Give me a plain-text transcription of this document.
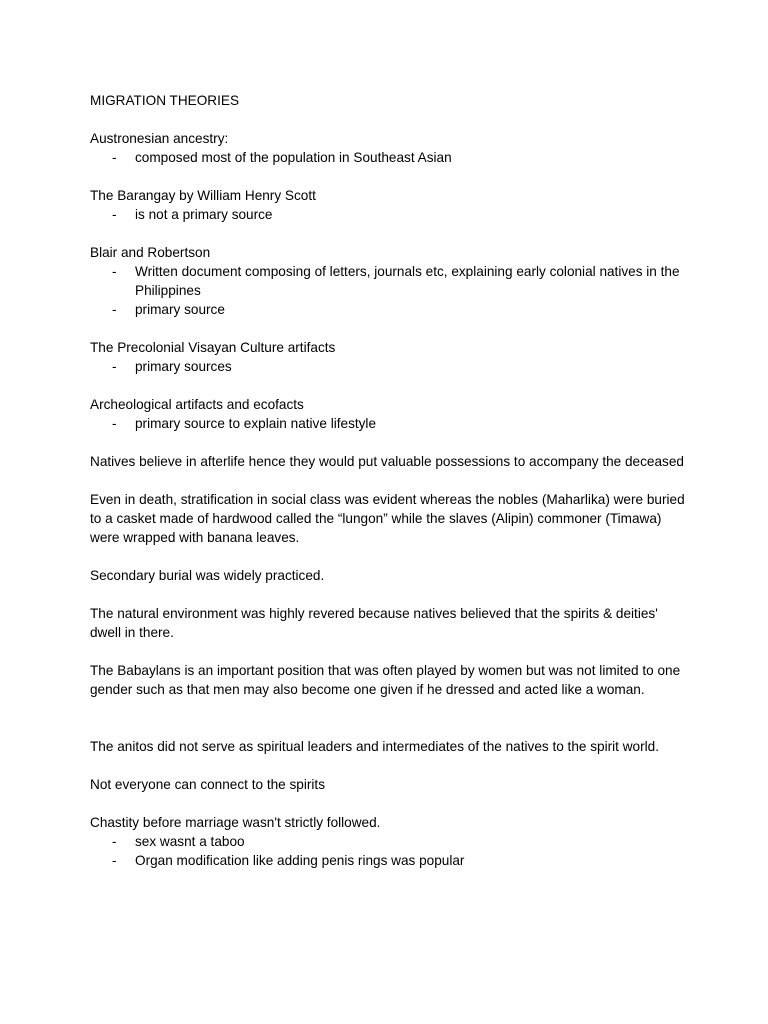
MIGRATION THEORIES
Austronesian ancestry:
- composed most of the population in Southeast Asian
The Barangay by William Henry Scott
- is not a primary source
Blair and Robertson
- Written document composing of letters, journals etc, explaining early colonial natives in the Philippines
- primary source
The Precolonial Visayan Culture artifacts
- primary sources
Archeological artifacts and ecofacts
- primary source to explain native lifestyle

Natives believe in afterlife hence they would put valuable possessions to accompany the deceased

Even in death, stratification in social class was evident whereas the nobles (Maharlika) were buried to a casket made of hardwood called the “lungon” while the slaves (Alipin) commoner (Timawa) were wrapped with banana leaves.

Secondary burial was widely practiced.

The natural environment was highly revered because natives believed that the spirits & deities' dwell in there.

The Babaylans is an important position that was often played by women but was not limited to one gender such as that men may also become one given if he dressed and acted like a woman.

The anitos did not serve as spiritual leaders and intermediates of the natives to the spirit world.

Not everyone can connect to the spirits

Chastity before marriage wasn't strictly followed.
- sex wasnt a taboo
- Organ modification like adding penis rings was popular
